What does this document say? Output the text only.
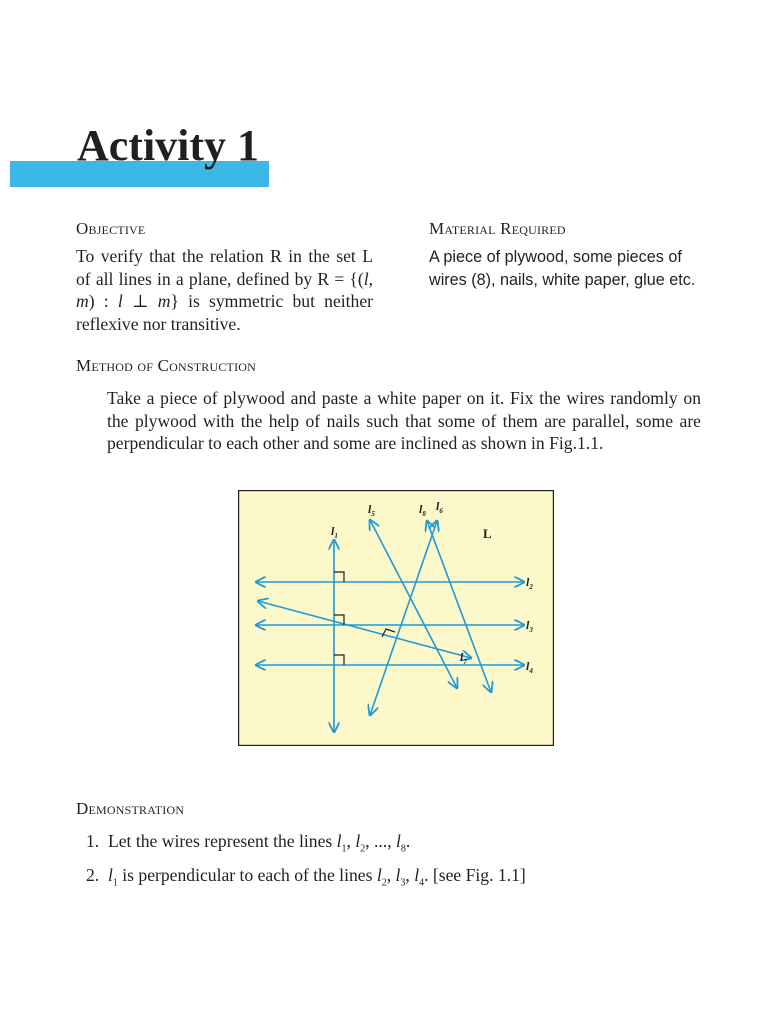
Activity 1
Objective

To verify that the relation R in the set L of all lines in a plane, defined by R = {(l, m) : l ⊥ m} is symmetric but neither reflexive nor transitive.

Material Required

A piece of plywood, some pieces of wires (8), nails, white paper, glue etc.

Method of Construction

Take a piece of plywood and paste a white paper on it. Fix the wires randomly on the plywood with the help of nails such that some of them are parallel, some are perpendicular to each other and some are inclined as shown in Fig.1.1.

$l_1$
$l_2$
$l_3$
$l_4$
$l_5$
$l_6$
$l_7$
$l_8$
L
Demonstration
1. Let the wires represent the lines $l_1$, $l_2$, ..., $l_8$.
2. $l_1$ is perpendicular to each of the lines $l_2$, $l_3$, $l_4$. [see Fig. 1.1]
